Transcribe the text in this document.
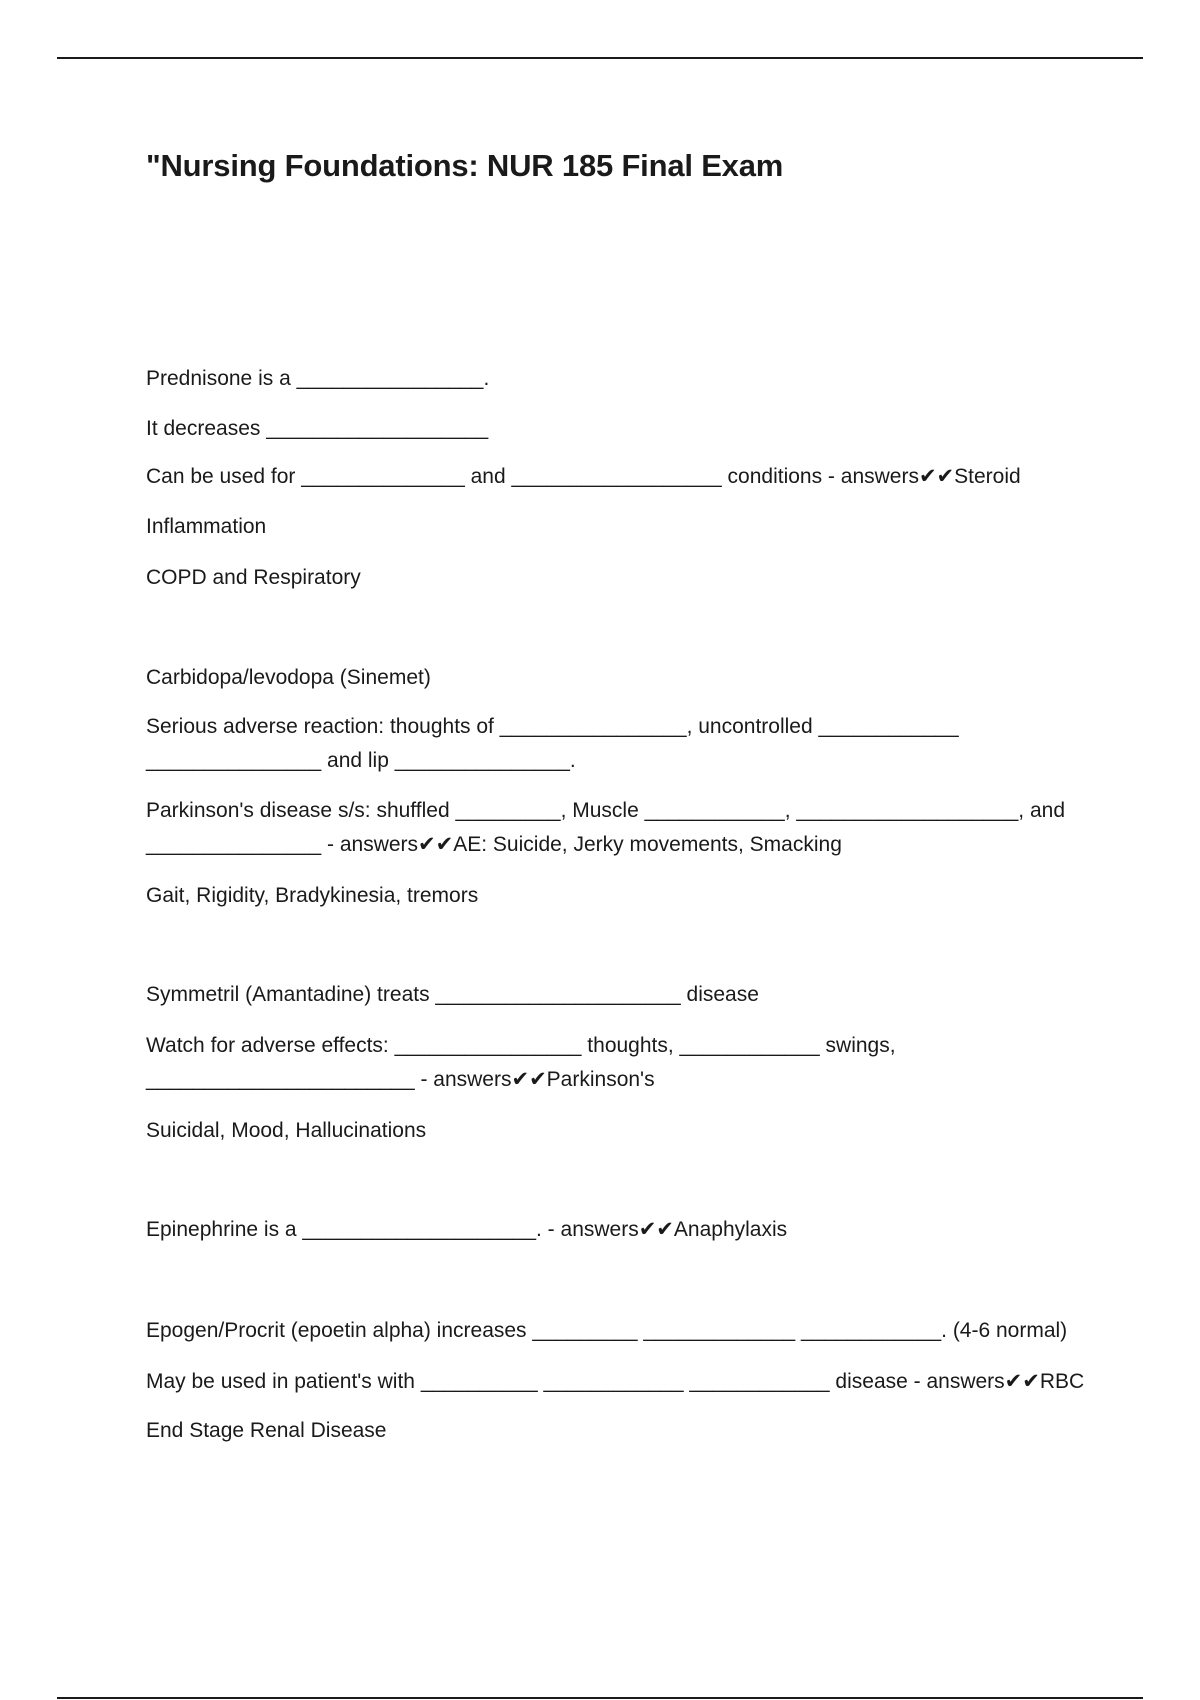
"Nursing Foundations: NUR 185 Final Exam

Prednisone is a ________________.

It decreases ___________________

Can be used for ______________ and __________________ conditions - answers✔✔Steroid

Inflammation

COPD and Respiratory

Carbidopa/levodopa (Sinemet)

Serious adverse reaction: thoughts of ________________, uncontrolled ____________

_______________ and lip _______________.

Parkinson's disease s/s: shuffled _________, Muscle ____________, ___________________, and

_______________ - answers✔✔AE: Suicide, Jerky movements, Smacking

Gait, Rigidity, Bradykinesia, tremors

Symmetril (Amantadine) treats _____________________ disease

Watch for adverse effects: ________________ thoughts, ____________ swings,

_______________________ - answers✔✔Parkinson's

Suicidal, Mood, Hallucinations

Epinephrine is a ____________________. - answers✔✔Anaphylaxis

Epogen/Procrit (epoetin alpha) increases _________ _____________ ____________. (4-6 normal)

May be used in patient's with __________ ____________ ____________ disease - answers✔✔RBC

End Stage Renal Disease
